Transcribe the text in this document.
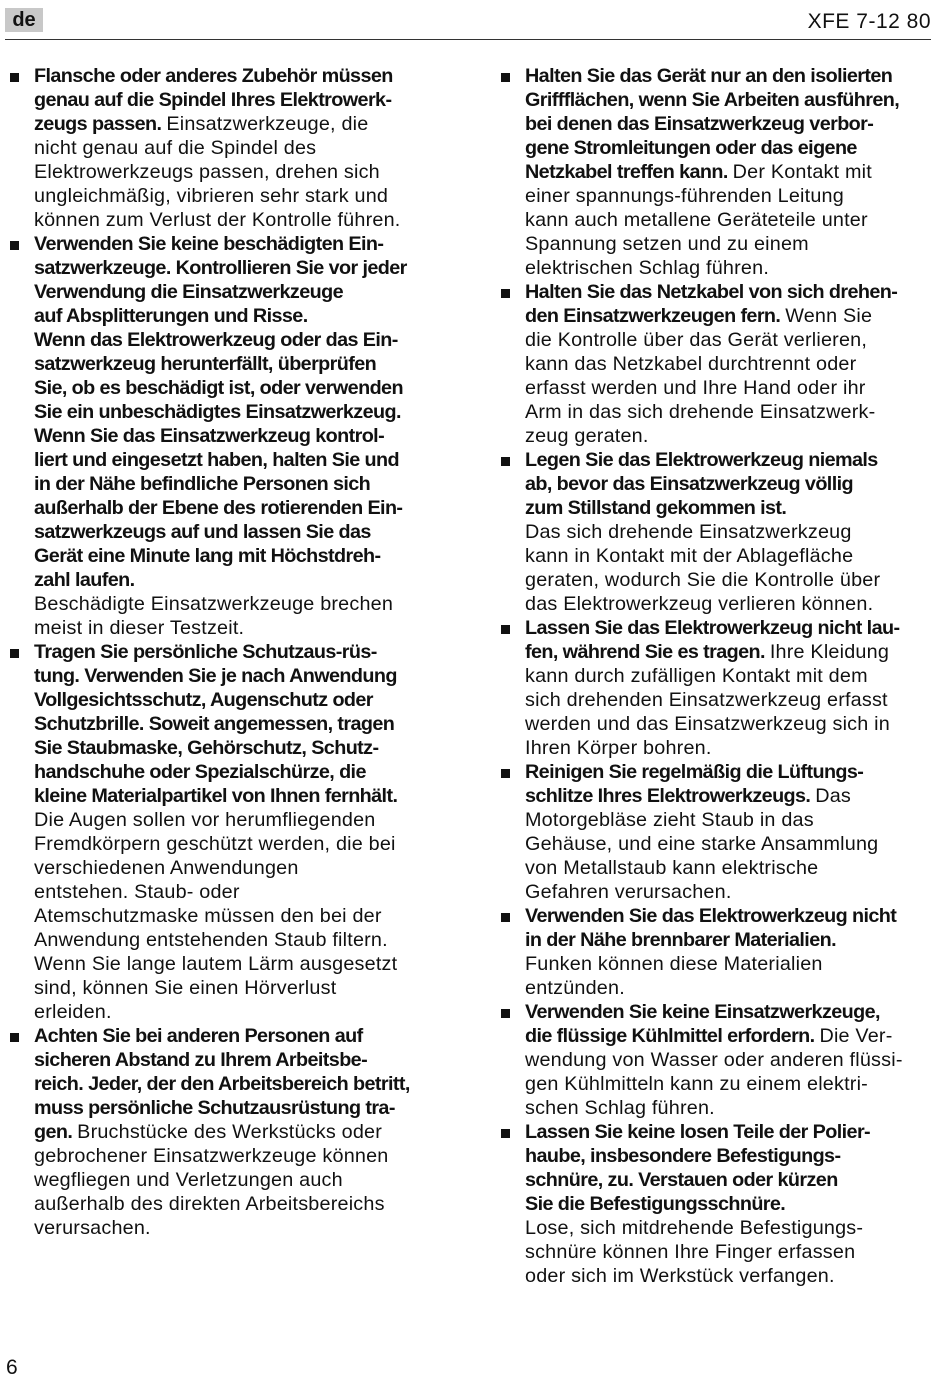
de	XFE 7-12 80
Flansche oder anderes Zubehör müssen
genau auf die Spindel Ihres Elektrowerk-
zeugs passen. Einsatzwerkzeuge, die
nicht genau auf die Spindel des
Elektrowerkzeugs passen, drehen sich
ungleichmäßig, vibrieren sehr stark und
können zum Verlust der Kontrolle führen.
Verwenden Sie keine beschädigten Ein-
satzwerkzeuge. Kontrollieren Sie vor jeder
Verwendung die Einsatzwerkzeuge
auf Absplitterungen und Risse.
Wenn das Elektrowerkzeug oder das Ein-
satzwerkzeug herunterfällt, überprüfen
Sie, ob es beschädigt ist, oder verwenden
Sie ein unbeschädigtes Einsatzwerkzeug.
Wenn Sie das Einsatzwerkzeug kontrol-
liert und eingesetzt haben, halten Sie und
in der Nähe befindliche Personen sich
außerhalb der Ebene des rotierenden Ein-
satzwerkzeugs auf und lassen Sie das
Gerät eine Minute lang mit Höchstdreh-
zahl laufen.
Beschädigte Einsatzwerkzeuge brechen
meist in dieser Testzeit.
Tragen Sie persönliche Schutzaus-rüs-
tung. Verwenden Sie je nach Anwendung
Vollgesichtsschutz, Augenschutz oder
Schutzbrille. Soweit angemessen, tragen
Sie Staubmaske, Gehörschutz, Schutz-
handschuhe oder Spezialschürze, die
kleine Materialpartikel von Ihnen fernhält.
Die Augen sollen vor herumfliegenden
Fremdkörpern geschützt werden, die bei
verschiedenen Anwendungen
entstehen. Staub- oder
Atemschutzmaske müssen den bei der
Anwendung entstehenden Staub filtern.
Wenn Sie lange lautem Lärm ausgesetzt
sind, können Sie einen Hörverlust
erleiden.
Achten Sie bei anderen Personen auf
sicheren Abstand zu Ihrem Arbeitsbe-
reich. Jeder, der den Arbeitsbereich betritt,
muss persönliche Schutzausrüstung tra-
gen. Bruchstücke des Werkstücks oder
gebrochener Einsatzwerkzeuge können
wegfliegen und Verletzungen auch
außerhalb des direkten Arbeitsbereichs
verursachen.
Halten Sie das Gerät nur an den isolierten
Griffflächen, wenn Sie Arbeiten ausführen,
bei denen das Einsatzwerkzeug verbor-
gene Stromleitungen oder das eigene
Netzkabel treffen kann. Der Kontakt mit
einer spannungs-führenden Leitung
kann auch metallene Geräteteile unter
Spannung setzen und zu einem
elektrischen Schlag führen.
Halten Sie das Netzkabel von sich drehen-
den Einsatzwerkzeugen fern. Wenn Sie
die Kontrolle über das Gerät verlieren,
kann das Netzkabel durchtrennt oder
erfasst werden und Ihre Hand oder ihr
Arm in das sich drehende Einsatzwerk-
zeug geraten.
Legen Sie das Elektrowerkzeug niemals
ab, bevor das Einsatzwerkzeug völlig
zum Stillstand gekommen ist.
Das sich drehende Einsatzwerkzeug
kann in Kontakt mit der Ablagefläche
geraten, wodurch Sie die Kontrolle über
das Elektrowerkzeug verlieren können.
Lassen Sie das Elektrowerkzeug nicht lau-
fen, während Sie es tragen. Ihre Kleidung
kann durch zufälligen Kontakt mit dem
sich drehenden Einsatzwerkzeug erfasst
werden und das Einsatzwerkzeug sich in
Ihren Körper bohren.
Reinigen Sie regelmäßig die Lüftungs-
schlitze Ihres Elektrowerkzeugs. Das
Motorgebläse zieht Staub in das
Gehäuse, und eine starke Ansammlung
von Metallstaub kann elektrische
Gefahren verursachen.
Verwenden Sie das Elektrowerkzeug nicht
in der Nähe brennbarer Materialien.
Funken können diese Materialien
entzünden.
Verwenden Sie keine Einsatzwerkzeuge,
die flüssige Kühlmittel erfordern. Die Ver-
wendung von Wasser oder anderen flüssi-
gen Kühlmitteln kann zu einem elektri-
schen Schlag führen.
Lassen Sie keine losen Teile der Polier-
haube, insbesondere Befestigungs-
schnüre, zu. Verstauen oder kürzen
Sie die Befestigungsschnüre.
Lose, sich mitdrehende Befestigungs-
schnüre können Ihre Finger erfassen
oder sich im Werkstück verfangen.
6
